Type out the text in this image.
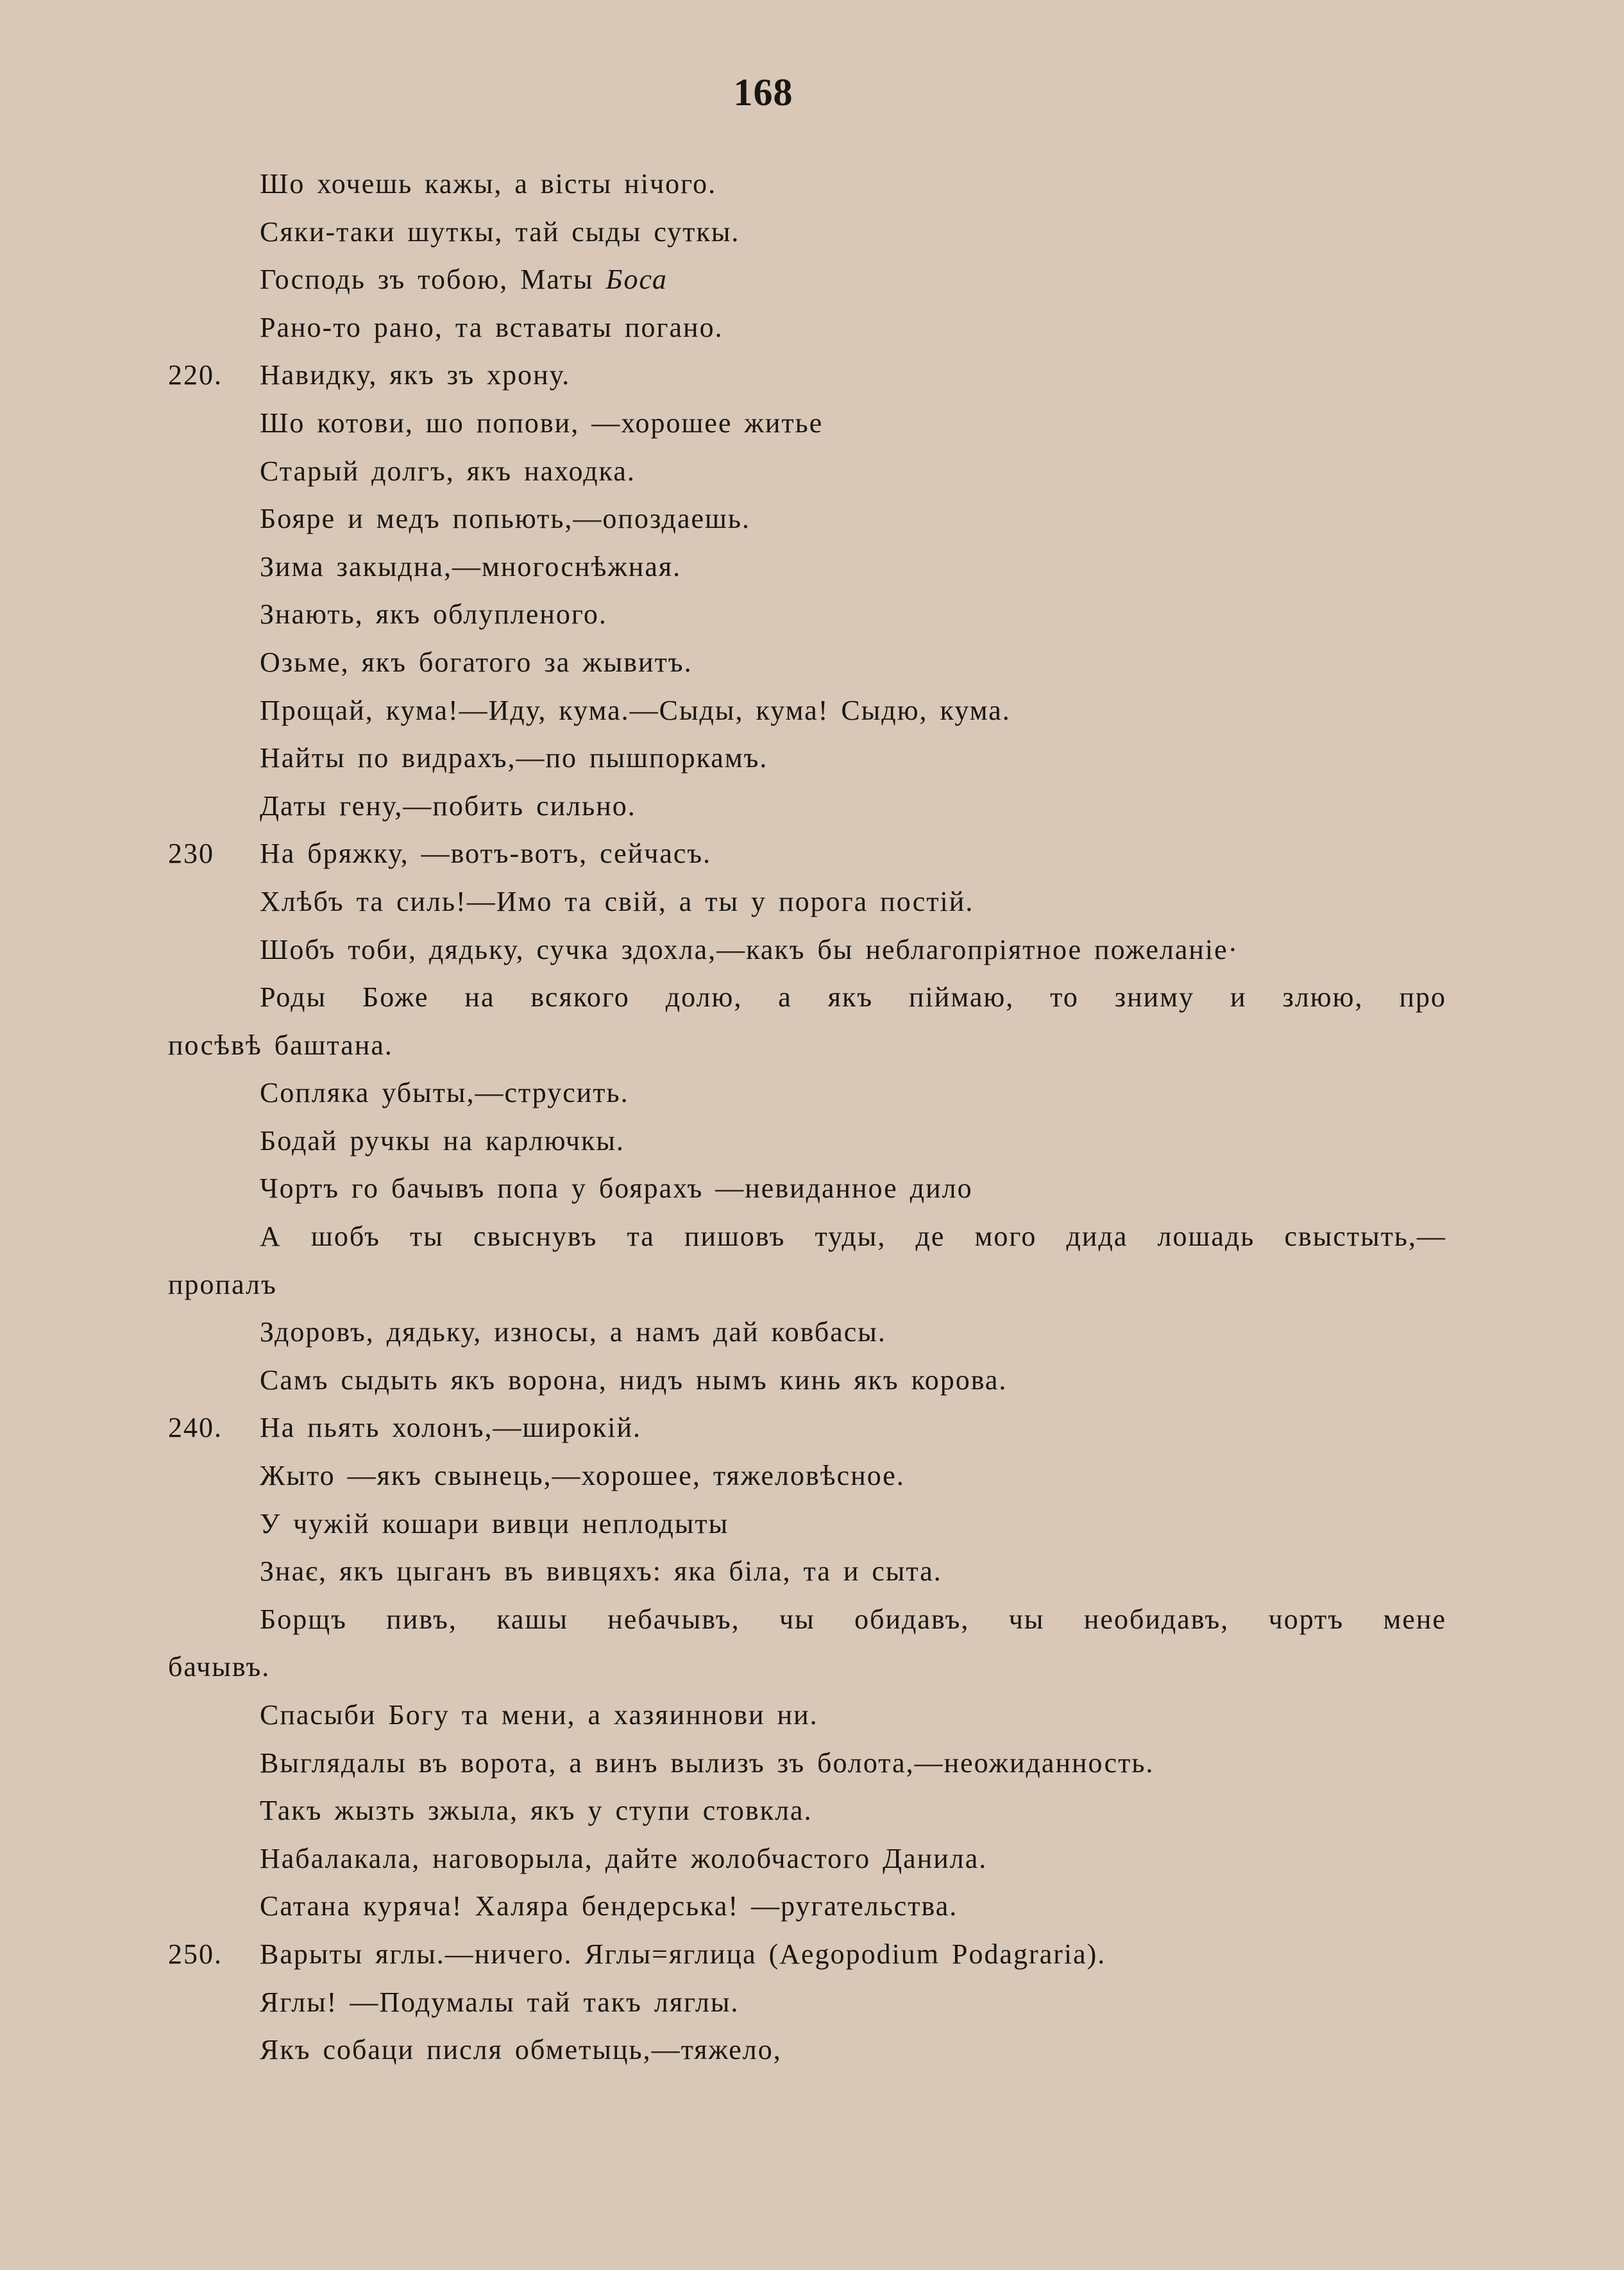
168
Шо хочешь кажы, а вісты нічого.
Сяки-таки шуткы, тай сыды суткы.
Господь зъ тобою, Маты Боса
Рано-то рано, та вставаты погано.
220.	Навидку, якъ зъ хрону.
Шо котови, шо попови, —хорошее житье
Старый долгъ, якъ находка.
Бояре и медъ попьють,—опоздаешь.
Зима закыдна,—многоснѣжная.
Знають, якъ облупленого.
Озьме, якъ богатого за жывитъ.
Прощай, кума!—Иду, кума.—Сыды, кума! Сыдю, кума.
Найты по видрахъ,—по пышпоркамъ.
Даты гену,—побить сильно.
230	На бряжку, —вотъ-вотъ, сейчасъ.
Хлѣбъ та силь!—Имо та свiй, а ты у порога постiй.
Шобъ тоби, дядьку, сучка здохла,—какъ бы неблагопріятное пожеланіе·
Роды Боже на всякого долю, а якъ піймаю, то зниму и злюю, про
посѣвѣ баштана.
Сопляка убыты,—струсить.
Бодай ручкы на карлючкы.
Чортъ го бачывъ попа у боярахъ —невиданное дило
А шобъ ты свыснувъ та пишовъ туды, де мого дида лошадь свыстыть,—
пропалъ
Здоровъ, дядьку, износы, а намъ дай ковбасы.
Самъ сыдыть якъ ворона, нидъ нымъ кинь якъ корова.
240.	На пьять холонъ,—широкій.
Жыто —якъ свынець,—хорошее, тяжеловѣсное.
У чужій кошари вивци неплодыты
Знає, якъ цыганъ въ вивцяхъ: яка біла, та и сыта.
Борщъ пивъ, кашы небачывъ, чы обидавъ, чы необидавъ, чортъ мене
бачывъ.
Спасыби Богу та мени, а хазяиннови ни.
Выглядалы въ ворота, а винъ вылизъ зъ болота,—неожиданность.
Такъ жызть зжыла, якъ у ступи стовкла.
Набалакала, наговорыла, дайте жолобчастого Данила.
Сатана куряча! Халяра бендерська! —ругательства.
250.	Варыты яглы.—ничего. Яглы=яглица (Aegopodium Podagraria).
Яглы! —Подумалы тай такъ ляглы.
Якъ собаци писля обметыць,—тяжело,
